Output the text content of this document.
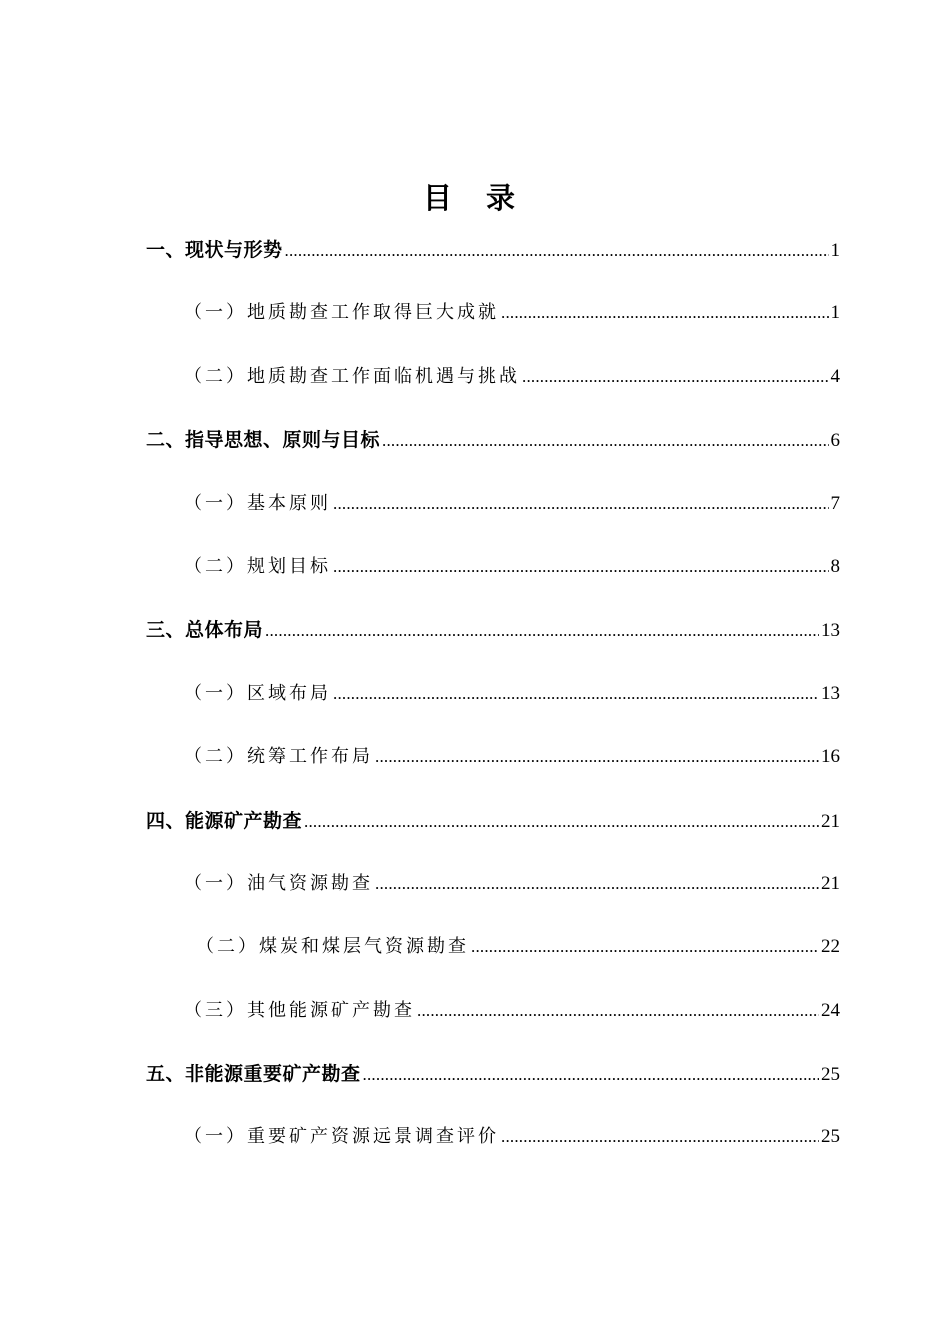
目 录
一、现状与形势 .....	1
（一）地质勘查工作取得巨大成就 .....	1
（二）地质勘查工作面临机遇与挑战 .....	4
二、指导思想、原则与目标 .....	6
（一）基本原则 .....	7
（二）规划目标 .....	8
三、总体布局 .....	13
（一）区域布局 .....	13
（二）统筹工作布局 .....	16
四、能源矿产勘查 .....	21
（一）油气资源勘查 .....	21
（二）煤炭和煤层气资源勘查 .....	22
（三）其他能源矿产勘查 .....	24
五、非能源重要矿产勘查 .....	25
（一）重要矿产资源远景调查评价 .....	25
